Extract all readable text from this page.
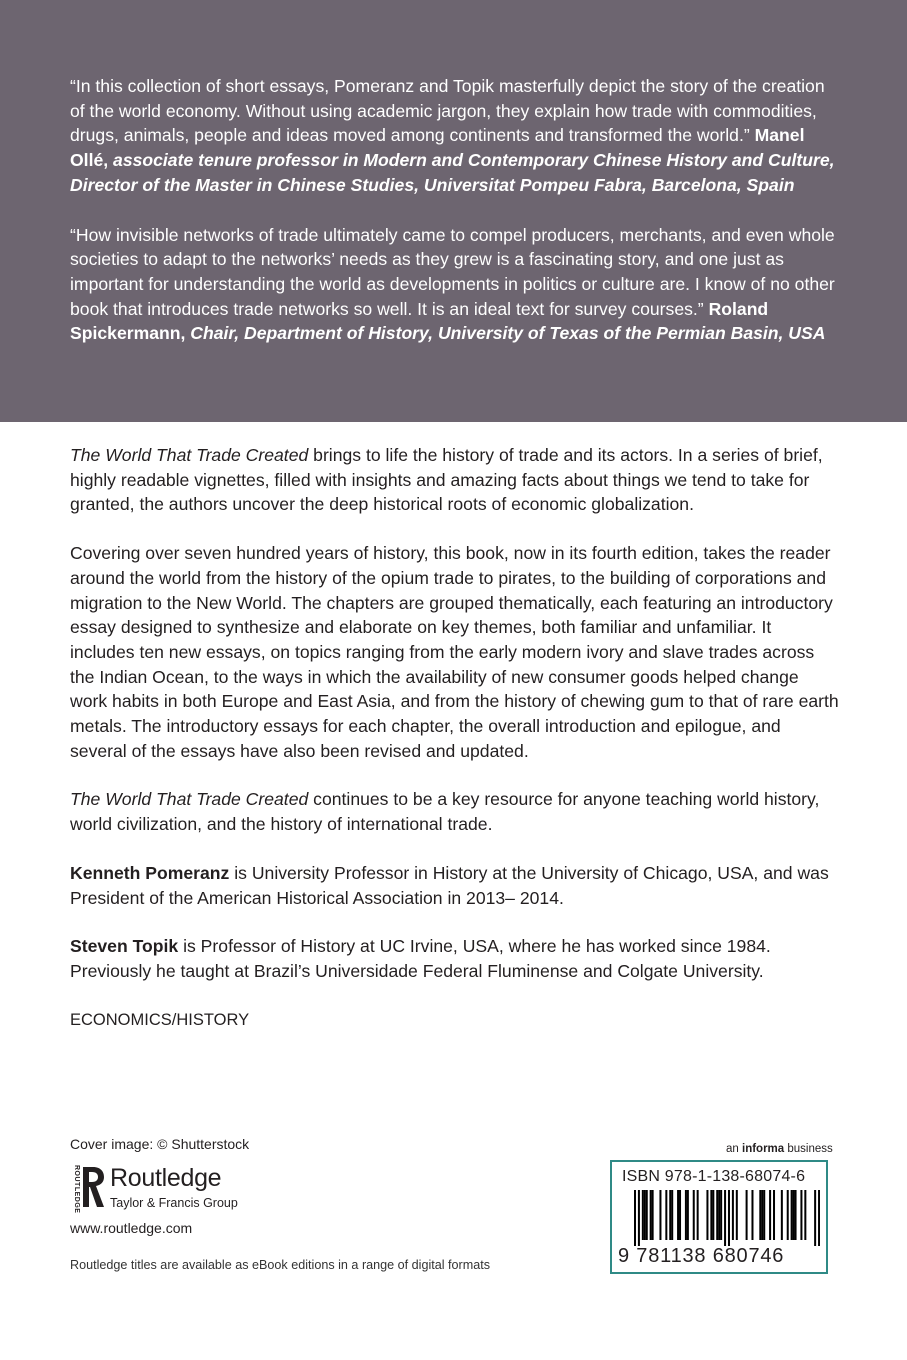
“In this collection of short essays, Pomeranz and Topik masterfully depict the story of the creation of the world economy. Without using academic jargon, they explain how trade with commodities, drugs, animals, people and ideas moved among continents and transformed the world.” Manel Ollé, associate tenure professor in Modern and Contemporary Chinese History and Culture, Director of the Master in Chinese Studies, Universitat Pompeu Fabra, Barcelona, Spain

“How invisible networks of trade ultimately came to compel producers, merchants, and even whole societies to adapt to the networks’ needs as they grew is a fascinating story, and one just as important for understanding the world as developments in politics or culture are. I know of no other book that introduces trade networks so well. It is an ideal text for survey courses.” Roland Spickermann, Chair, Department of History, University of Texas of the Permian Basin, USA

The World That Trade Created brings to life the history of trade and its actors. In a series of brief, highly readable vignettes, filled with insights and amazing facts about things we tend to take for granted, the authors uncover the deep historical roots of economic globalization.

Covering over seven hundred years of history, this book, now in its fourth edition, takes the reader around the world from the history of the opium trade to pirates, to the building of corporations and migration to the New World. The chapters are grouped thematically, each featuring an introductory essay designed to synthesize and elaborate on key themes, both familiar and unfamiliar. It includes ten new essays, on topics ranging from the early modern ivory and slave trades across the Indian Ocean, to the ways in which the availability of new consumer goods helped change work habits in both Europe and East Asia, and from the history of chewing gum to that of rare earth metals. The introductory essays for each chapter, the overall introduction and epilogue, and several of the essays have also been revised and updated.

The World That Trade Created continues to be a key resource for anyone teaching world history, world civilization, and the history of international trade.

Kenneth Pomeranz is University Professor in History at the University of Chicago, USA, and was President of the American Historical Association in 2013– 2014.

Steven Topik is Professor of History at UC Irvine, USA, where he has worked since 1984. Previously he taught at Brazil’s Universidade Federal Fluminense and Colgate University.

ECONOMICS/HISTORY

Cover image: © Shutterstock
ROUTLEDGE Routledge
Taylor & Francis Group
www.routledge.com
Routledge titles are available as eBook editions in a range of digital formats
an informa business
ISBN 978-1-138-68074-6
9 781138 680746
